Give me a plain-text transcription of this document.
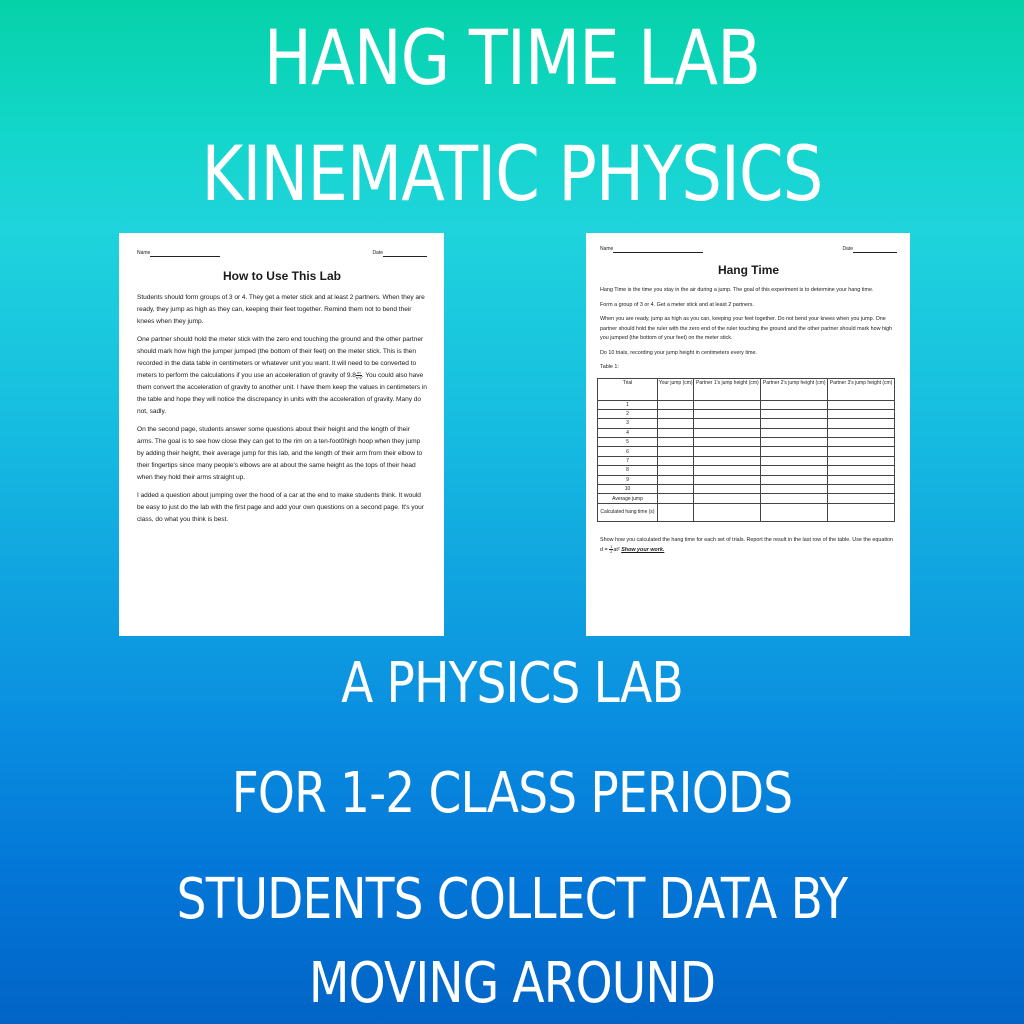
HANG TIME LAB
KINEMATIC PHYSICS
Name	Date
How to Use This Lab

Students should form groups of 3 or 4. They get a meter stick and at least 2 partners. When they are ready, they jump as high as they can, keeping their feet together. Remind them not to bend their knees when they jump.

One partner should hold the meter stick with the zero end touching the ground and the other partner should mark how high the jumper jumped (the bottom of their feet) on the meter stick. This is then recorded in the data table in centimeters or whatever unit you want. It will need to be converted to meters to perform the calculations if you use an acceleration of gravity of $9.8 \frac{m}{s\^{}2}$ . You could also have them convert the acceleration of gravity to another unit. I have them keep the values in centimeters in the table and hope they will notice the discrepancy in units with the acceleration of gravity. Many do not, sadly.

On the second page, students answer some questions about their height and the length of their arms. The goal is to see how close they can get to the rim on a ten-foot0high hoop when they jump by adding their height, their average jump for this lab, and the length of their arm from their elbow to their fingertips since many people's elbows are at about the same height as the tops of their head when they hold their arms straight up.

I added a question about jumping over the hood of a car at the end to make students think. It would be easy to just do the lab with the first page and add your own questions on a second page. It's your class, do what you think is best.

Name	Date
Hang Time

Hang Time is the time you stay in the air during a jump. The goal of this experiment is to determine your hang time.

Form a group of 3 or 4. Get a meter stick and at least 2 partners.

When you are ready, jump as high as you can, keeping your feet together. Do not bend your knees when you jump. One partner should hold the ruler with the zero end of the ruler touching the ground and the other partner should mark how high you jumped (the bottom of your feet) on the meter stick.

Do 10 trials, recording your jump height in centimeters every time.

Table 1:

Trial	Your jump (cm)	Partner 1's jump height (cm)	Partner 2's jump height (cm)	Partner 3's jump height (cm)
1				
2				
3				
4				
5				
6				
7				
8				
9				
10				
Average jump				
Calculated hang time (s)				

Show how you calculated the hang time for each set of trials. Report the result in the last row of the table. Use the equation $d = \frac{1}{2} at^2$ Show your work.

A PHYSICS LAB
FOR 1-2 CLASS PERIODS
STUDENTS COLLECT DATA BY
MOVING AROUND
